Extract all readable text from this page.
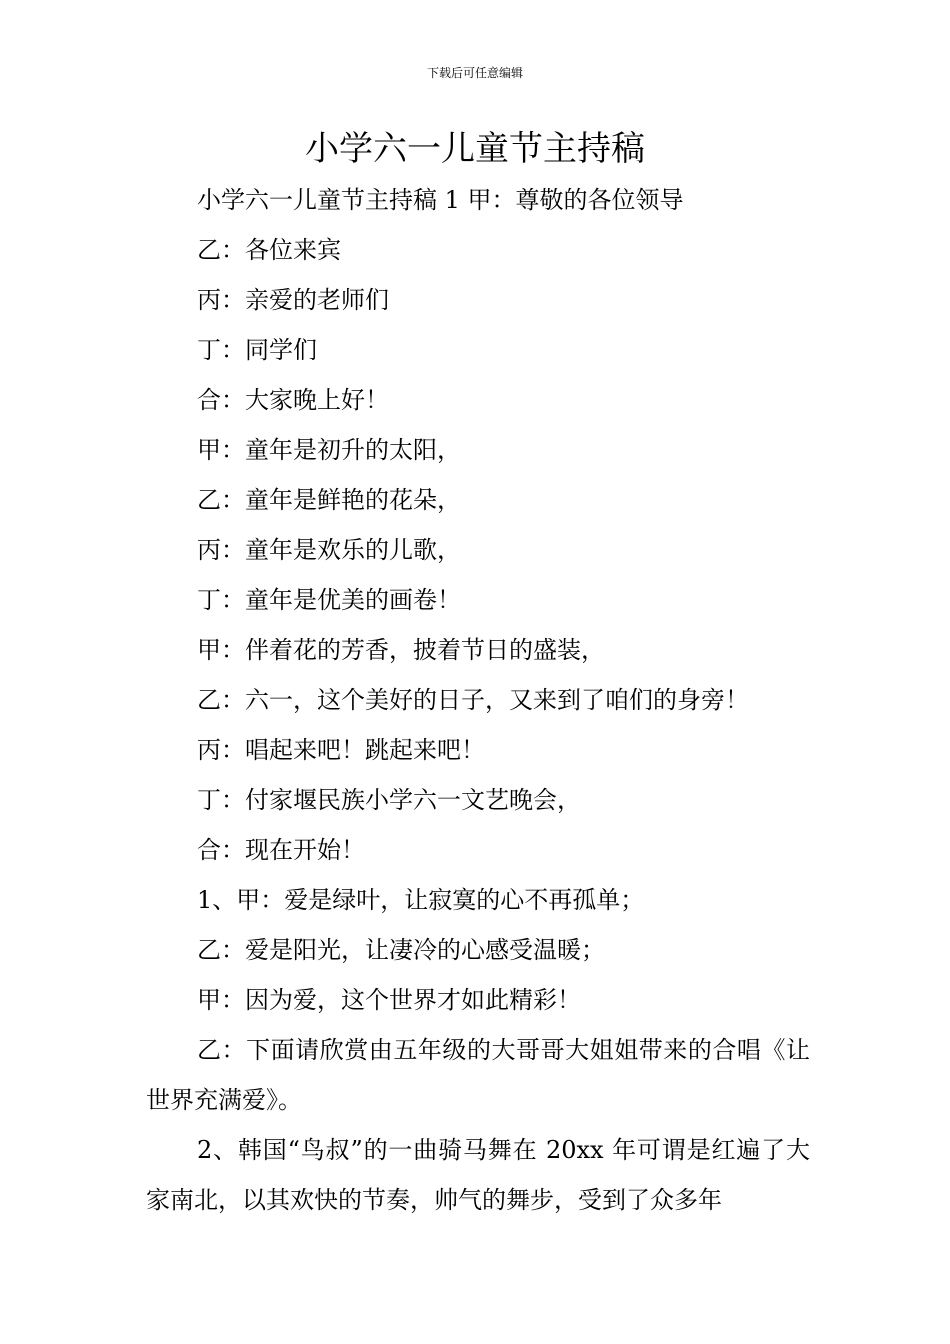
下载后可任意编辑
小学六一儿童节主持稿

小学六一儿童节主持稿 1 甲：尊敬的各位领导

乙：各位来宾

丙：亲爱的老师们

丁：同学们

合：大家晚上好！

甲：童年是初升的太阳，

乙：童年是鲜艳的花朵，

丙：童年是欢乐的儿歌，

丁：童年是优美的画卷！

甲：伴着花的芳香，披着节日的盛装，

乙：六一，这个美好的日子，又来到了咱们的身旁！

丙：唱起来吧！跳起来吧！

丁：付家堰民族小学六一文艺晚会，

合：现在开始！

1、甲：爱是绿叶，让寂寞的心不再孤单；

乙：爱是阳光，让凄冷的心感受温暖；

甲：因为爱，这个世界才如此精彩！

乙：下面请欣赏由五年级的大哥哥大姐姐带来的合唱《让世界充满爱》。

2、韩国“鸟叔”的一曲骑马舞在 20xx 年可谓是红遍了大家南北，以其欢快的节奏，帅气的舞步，受到了众多年
